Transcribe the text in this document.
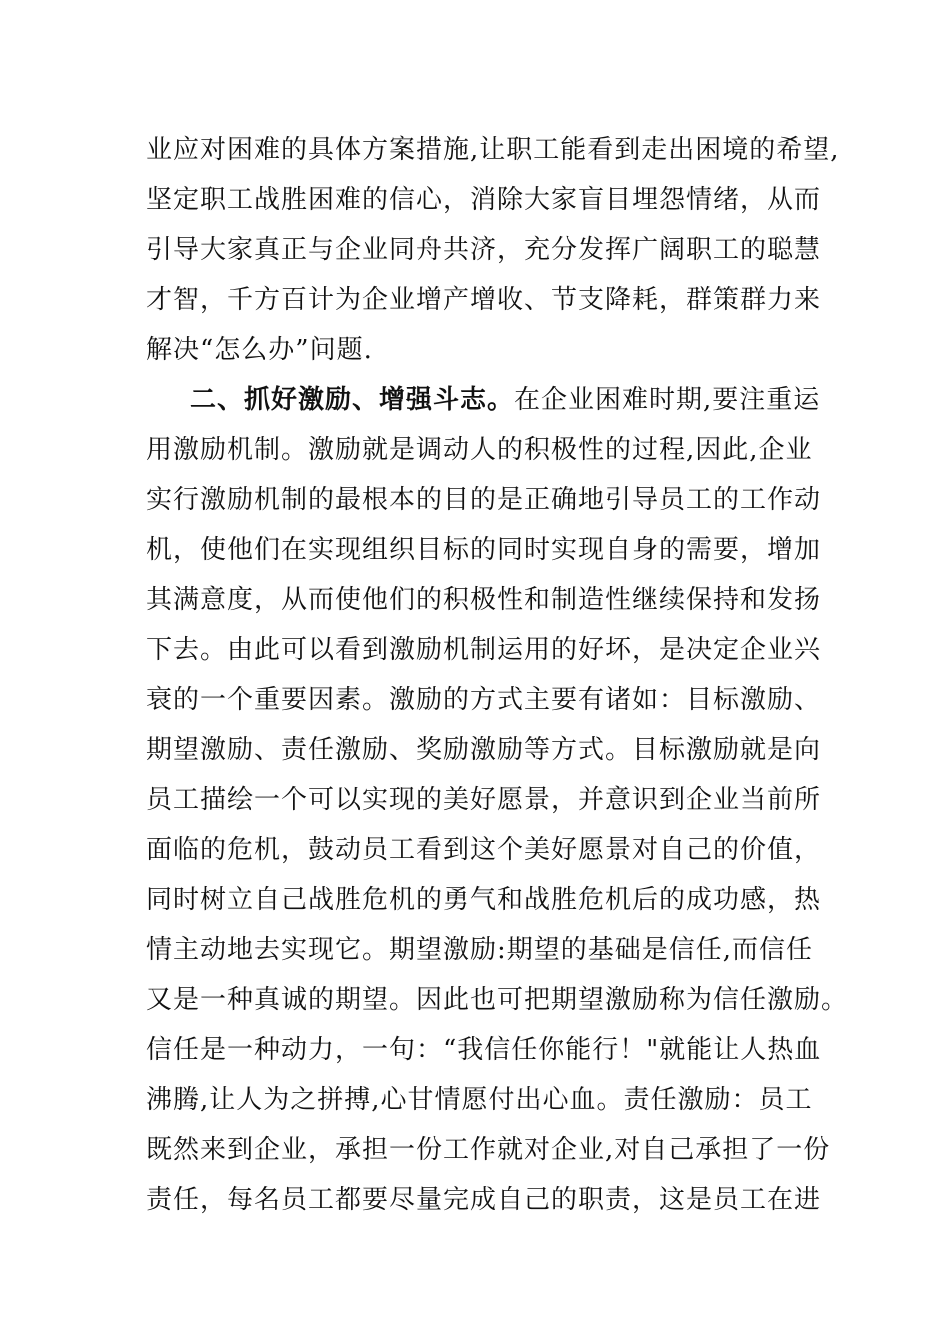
业应对困难的具体方案措施,让职工能看到走出困境的希望,
坚定职工战胜困难的信心，消除大家盲目埋怨情绪，从而
引导大家真正与企业同舟共济，充分发挥广阔职工的聪慧
才智，千方百计为企业增产增收、节支降耗，群策群力来
解决“怎么办”问题.
二、抓好激励、增强斗志。在企业困难时期,要注重运
用激励机制。激励就是调动人的积极性的过程,因此,企业
实行激励机制的最根本的目的是正确地引导员工的工作动
机，使他们在实现组织目标的同时实现自身的需要，增加
其满意度，从而使他们的积极性和制造性继续保持和发扬
下去。由此可以看到激励机制运用的好坏，是决定企业兴
衰的一个重要因素。激励的方式主要有诸如：目标激励、
期望激励、责任激励、奖励激励等方式。目标激励就是向
员工描绘一个可以实现的美好愿景，并意识到企业当前所
面临的危机，鼓动员工看到这个美好愿景对自己的价值，
同时树立自己战胜危机的勇气和战胜危机后的成功感，热
情主动地去实现它。期望激励:期望的基础是信任,而信任
又是一种真诚的期望。因此也可把期望激励称为信任激励。
信任是一种动力，一句：“我信任你能行！"就能让人热血
沸腾,让人为之拼搏,心甘情愿付出心血。责任激励：员工
既然来到企业，承担一份工作就对企业,对自己承担了一份
责任，每名员工都要尽量完成自己的职责，这是员工在进
